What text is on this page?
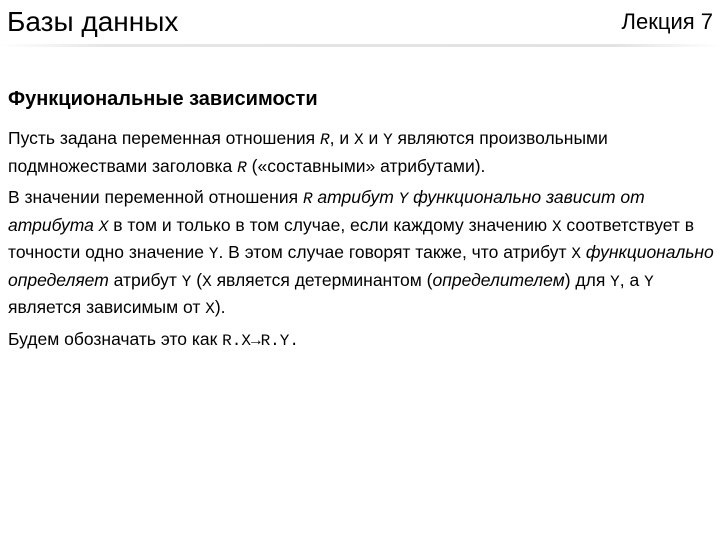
Базы данных	Лекция 7
Функциональные зависимости

Пусть задана переменная отношения R, и X и Y являются произвольными подмножествами заголовка R («составными» атрибутами).

В значении переменной отношения R атрибут Y функционально зависит от атрибута X в том и только в том случае, если каждому значению X соответствует в точности одно значение Y. В этом случае говорят также, что атрибут X функционально определяет атрибут Y (X является детерминантом (определителем) для Y, а Y является зависимым от X).

Будем обозначать это как R.X→R.Y.
